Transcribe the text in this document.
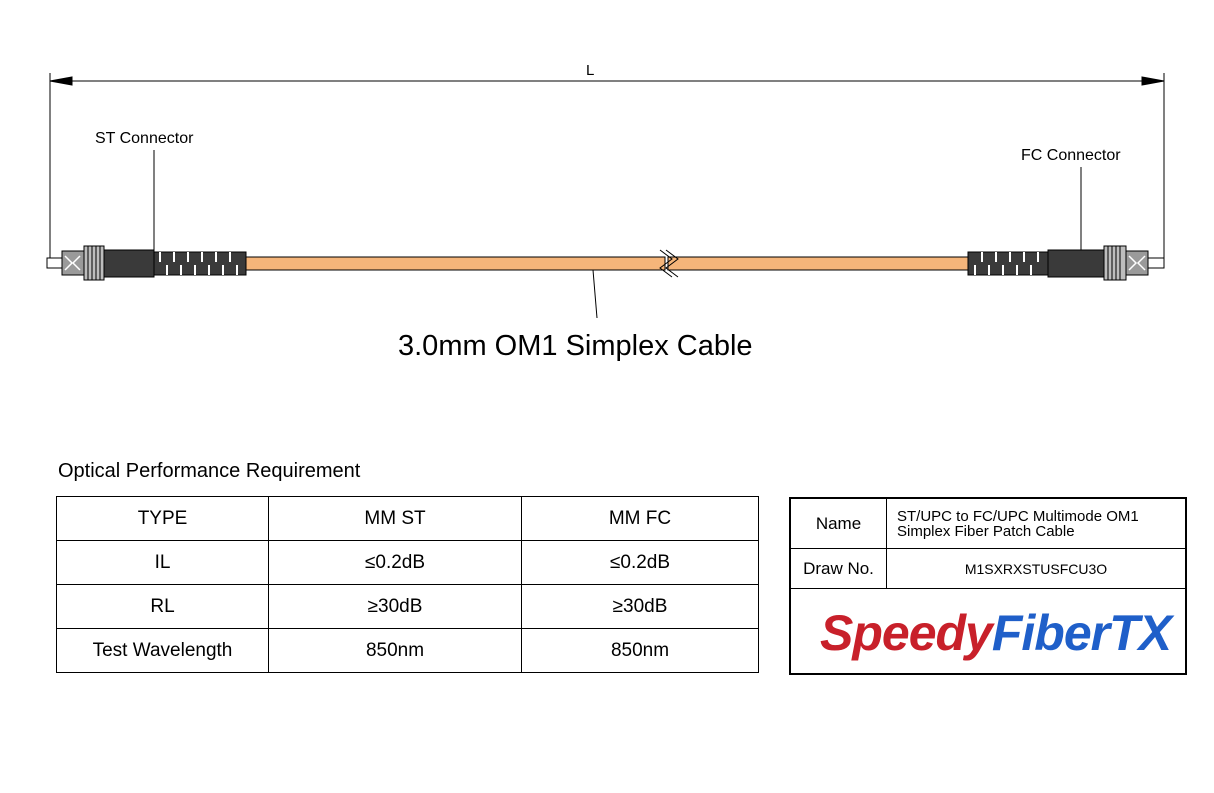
L
ST Connector
FC Connector
3.0mm OM1 Simplex Cable
Optical Performance Requirement
TYPE	MM ST	MM FC
IL	≤0.2dB	≤0.2dB
RL	≥30dB	≥30dB
Test Wavelength	850nm	850nm
Name	ST/UPC to FC/UPC Multimode OM1
Simplex Fiber Patch Cable
Draw No.	M1SXRXSTUSFCU3O
SpeedyFiberTX
